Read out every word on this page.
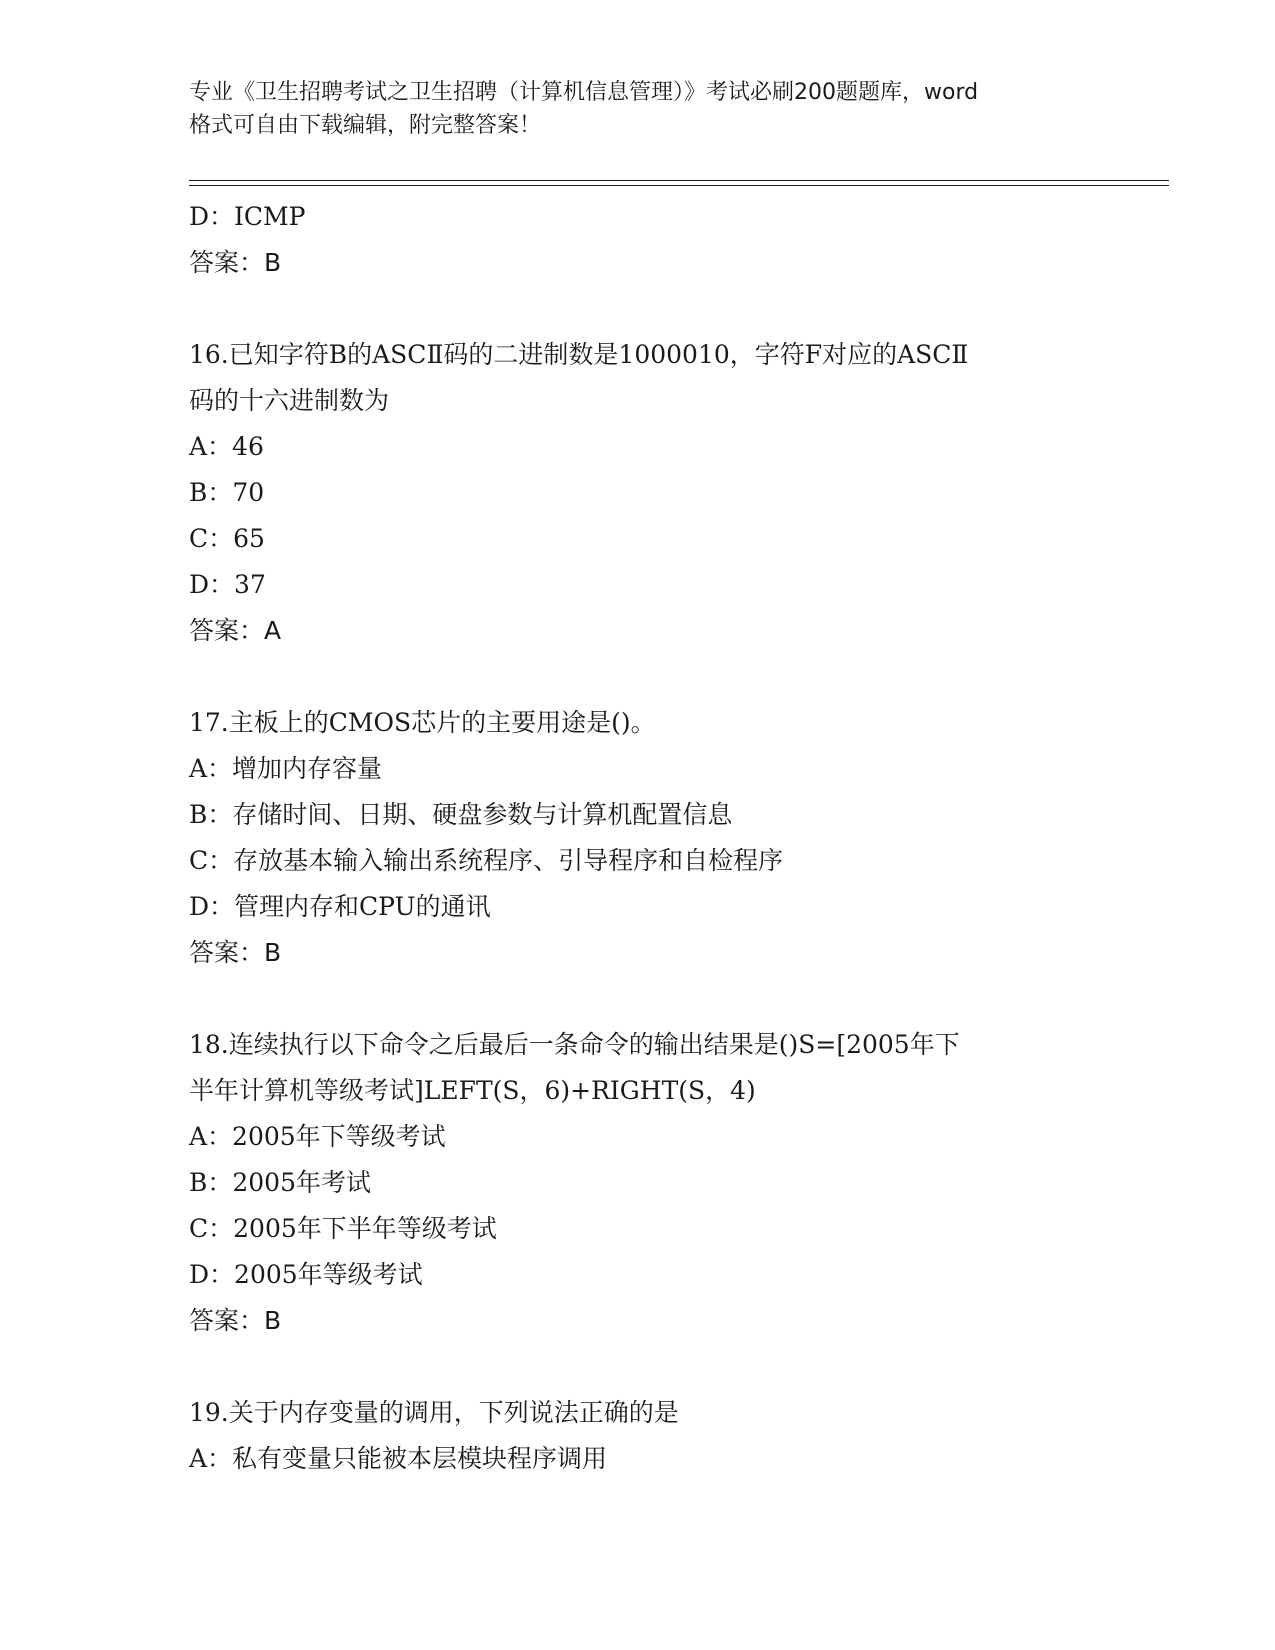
专业《卫生招聘考试之卫生招聘（计算机信息管理）》考试必刷200题题库，word
格式可自由下载编辑，附完整答案！
D：ICMP
答案：B
16.已知字符B的ASCⅡ码的二进制数是1000010，字符F对应的ASCⅡ
码的十六进制数为
A：46
B：70
C：65
D：37
答案：A
17.主板上的CMOS芯片的主要用途是()。
A：增加内存容量
B：存储时间、日期、硬盘参数与计算机配置信息
C：存放基本输入输出系统程序、引导程序和自检程序
D：管理内存和CPU的通讯
答案：B
18.连续执行以下命令之后最后一条命令的输出结果是()S=[2005年下
半年计算机等级考试]LEFT(S，6)+RIGHT(S，4)
A：2005年下等级考试
B：2005年考试
C：2005年下半年等级考试
D：2005年等级考试
答案：B
19.关于内存变量的调用，下列说法正确的是
A：私有变量只能被本层模块程序调用
